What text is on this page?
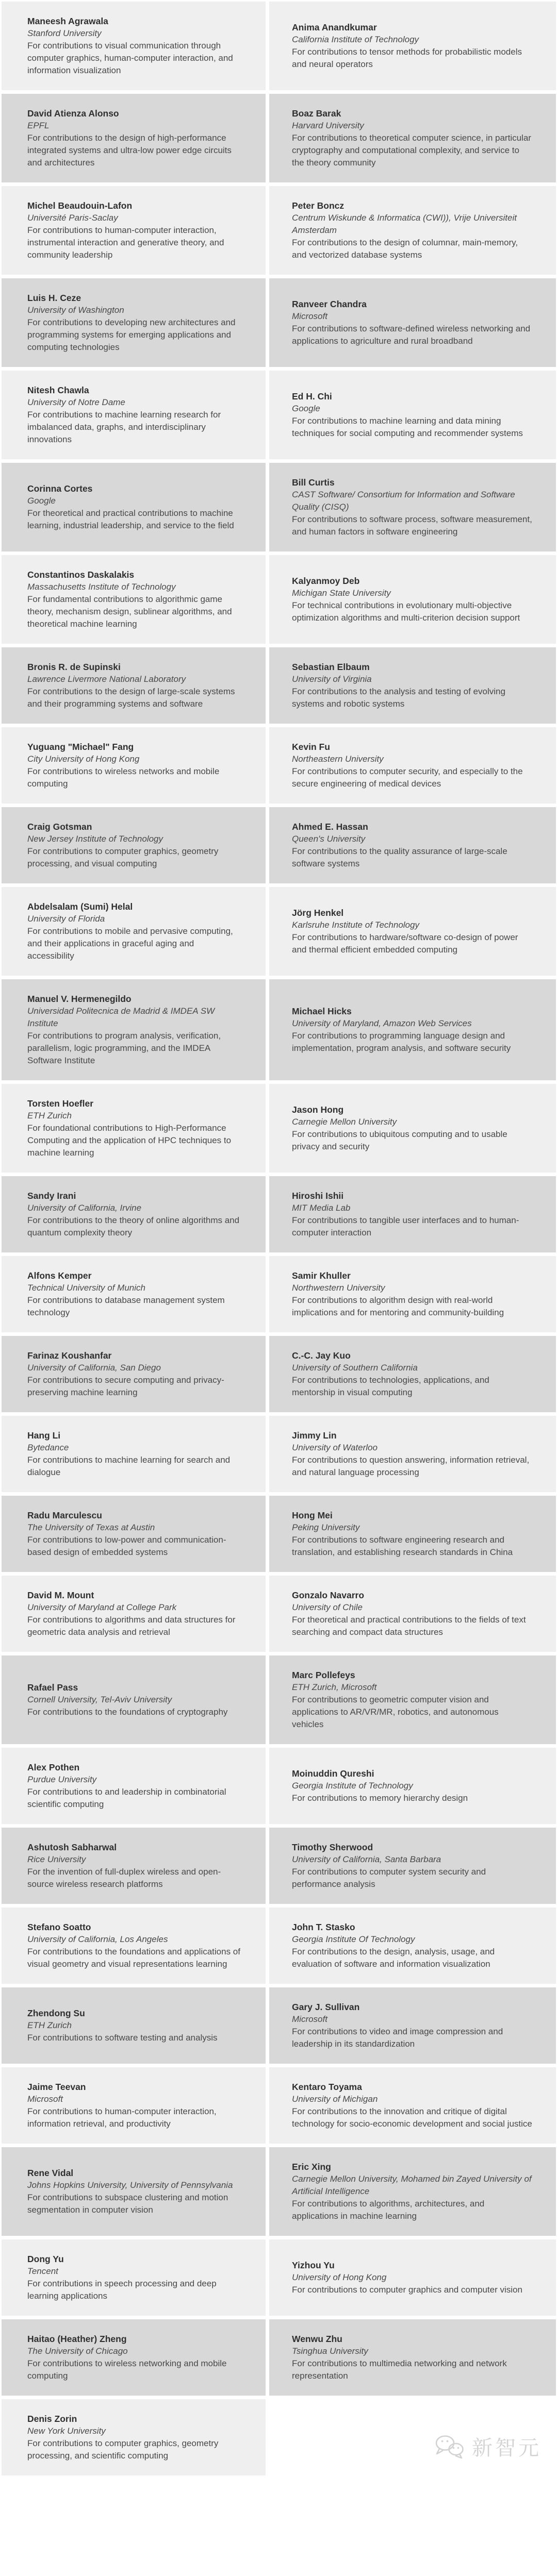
Maneesh Agrawala
Stanford University
For contributions to visual communication through computer graphics, human-computer interaction, and information visualization
Anima Anandkumar
California Institute of Technology
For contributions to tensor methods for probabilistic models and neural operators
David Atienza Alonso
EPFL
For contributions to the design of high-performance integrated systems and ultra-low power edge circuits and architectures
Boaz Barak
Harvard University
For contributions to theoretical computer science, in particular cryptography and computational complexity, and service to the theory community
Michel Beaudouin-Lafon
Université Paris-Saclay
For contributions to human-computer interaction, instrumental interaction and generative theory, and community leadership
Peter Boncz
Centrum Wiskunde & Informatica (CWI)), Vrije Universiteit Amsterdam
For contributions to the design of columnar, main-memory, and vectorized database systems
Luis H. Ceze
University of Washington
For contributions to developing new architectures and programming systems for emerging applications and computing technologies
Ranveer Chandra
Microsoft
For contributions to software-defined wireless networking and applications to agriculture and rural broadband
Nitesh Chawla
University of Notre Dame
For contributions to machine learning research for imbalanced data, graphs, and interdisciplinary innovations
Ed H. Chi
Google
For contributions to machine learning and data mining techniques for social computing and recommender systems
Corinna Cortes
Google
For theoretical and practical contributions to machine learning, industrial leadership, and service to the field
Bill Curtis
CAST Software/ Consortium for Information and Software Quality (CISQ)
For contributions to software process, software measurement, and human factors in software engineering
Constantinos Daskalakis
Massachusetts Institute of Technology
For fundamental contributions to algorithmic game theory, mechanism design, sublinear algorithms, and theoretical machine learning
Kalyanmoy Deb
Michigan State University
For technical contributions in evolutionary multi-objective optimization algorithms and multi-criterion decision support
Bronis R. de Supinski
Lawrence Livermore National Laboratory
For contributions to the design of large-scale systems and their programming systems and software
Sebastian Elbaum
University of Virginia
For contributions to the analysis and testing of evolving systems and robotic systems
Yuguang "Michael" Fang
City University of Hong Kong
For contributions to wireless networks and mobile computing
Kevin Fu
Northeastern University
For contributions to computer security, and especially to the secure engineering of medical devices
Craig Gotsman
New Jersey Institute of Technology
For contributions to computer graphics, geometry processing, and visual computing
Ahmed E. Hassan
Queen's University
For contributions to the quality assurance of large-scale software systems
Abdelsalam (Sumi) Helal
University of Florida
For contributions to mobile and pervasive computing, and their applications in graceful aging and accessibility
Jörg Henkel
Karlsruhe Institute of Technology
For contributions to hardware/software co-design of power and thermal efficient embedded computing
Manuel V. Hermenegildo
Universidad Politecnica de Madrid & IMDEA SW Institute
For contributions to program analysis, verification, parallelism, logic programming, and the IMDEA Software Institute
Michael Hicks
University of Maryland, Amazon Web Services
For contributions to programming language design and implementation, program analysis, and software security
Torsten Hoefler
ETH Zurich
For foundational contributions to High-Performance Computing and the application of HPC techniques to machine learning
Jason Hong
Carnegie Mellon University
For contributions to ubiquitous computing and to usable privacy and security
Sandy Irani
University of California, Irvine
For contributions to the theory of online algorithms and quantum complexity theory
Hiroshi Ishii
MIT Media Lab
For contributions to tangible user interfaces and to human-computer interaction
Alfons Kemper
Technical University of Munich
For contributions to database management system technology
Samir Khuller
Northwestern University
For contributions to algorithm design with real-world implications and for mentoring and community-building
Farinaz Koushanfar
University of California, San Diego
For contributions to secure computing and privacy-preserving machine learning
C.-C. Jay Kuo
University of Southern California
For contributions to technologies, applications, and mentorship in visual computing
Hang Li
Bytedance
For contributions to machine learning for search and dialogue
Jimmy Lin
University of Waterloo
For contributions to question answering, information retrieval, and natural language processing
Radu Marculescu
The University of Texas at Austin
For contributions to low-power and communication-based design of embedded systems
Hong Mei
Peking University
For contributions to software engineering research and translation, and establishing research standards in China
David M. Mount
University of Maryland at College Park
For contributions to algorithms and data structures for geometric data analysis and retrieval
Gonzalo Navarro
University of Chile
For theoretical and practical contributions to the fields of text searching and compact data structures
Rafael Pass
Cornell University, Tel-Aviv University
For contributions to the foundations of cryptography
Marc Pollefeys
ETH Zurich, Microsoft
For contributions to geometric computer vision and applications to AR/VR/MR, robotics, and autonomous vehicles
Alex Pothen
Purdue University
For contributions to and leadership in combinatorial scientific computing
Moinuddin Qureshi
Georgia Institute of Technology
For contributions to memory hierarchy design
Ashutosh Sabharwal
Rice University
For the invention of full-duplex wireless and open-source wireless research platforms
Timothy Sherwood
University of California, Santa Barbara
For contributions to computer system security and performance analysis
Stefano Soatto
University of California, Los Angeles
For contributions to the foundations and applications of visual geometry and visual representations learning
John T. Stasko
Georgia Institute Of Technology
For contributions to the design, analysis, usage, and evaluation of software and information visualization
Zhendong Su
ETH Zurich
For contributions to software testing and analysis
Gary J. Sullivan
Microsoft
For contributions to video and image compression and leadership in its standardization
Jaime Teevan
Microsoft
For contributions to human-computer interaction, information retrieval, and productivity
Kentaro Toyama
University of Michigan
For contributions to the innovation and critique of digital technology for socio-economic development and social justice
Rene Vidal
Johns Hopkins University, University of Pennsylvania
For contributions to subspace clustering and motion segmentation in computer vision
Eric Xing
Carnegie Mellon University, Mohamed bin Zayed University of Artificial Intelligence
For contributions to algorithms, architectures, and applications in machine learning
Dong Yu
Tencent
For contributions in speech processing and deep learning applications
Yizhou Yu
University of Hong Kong
For contributions to computer graphics and computer vision
Haitao (Heather) Zheng
The University of Chicago
For contributions to wireless networking and mobile computing
Wenwu Zhu
Tsinghua University
For contributions to multimedia networking and network representation
Denis Zorin
New York University
For contributions to computer graphics, geometry processing, and scientific computing	新智元
